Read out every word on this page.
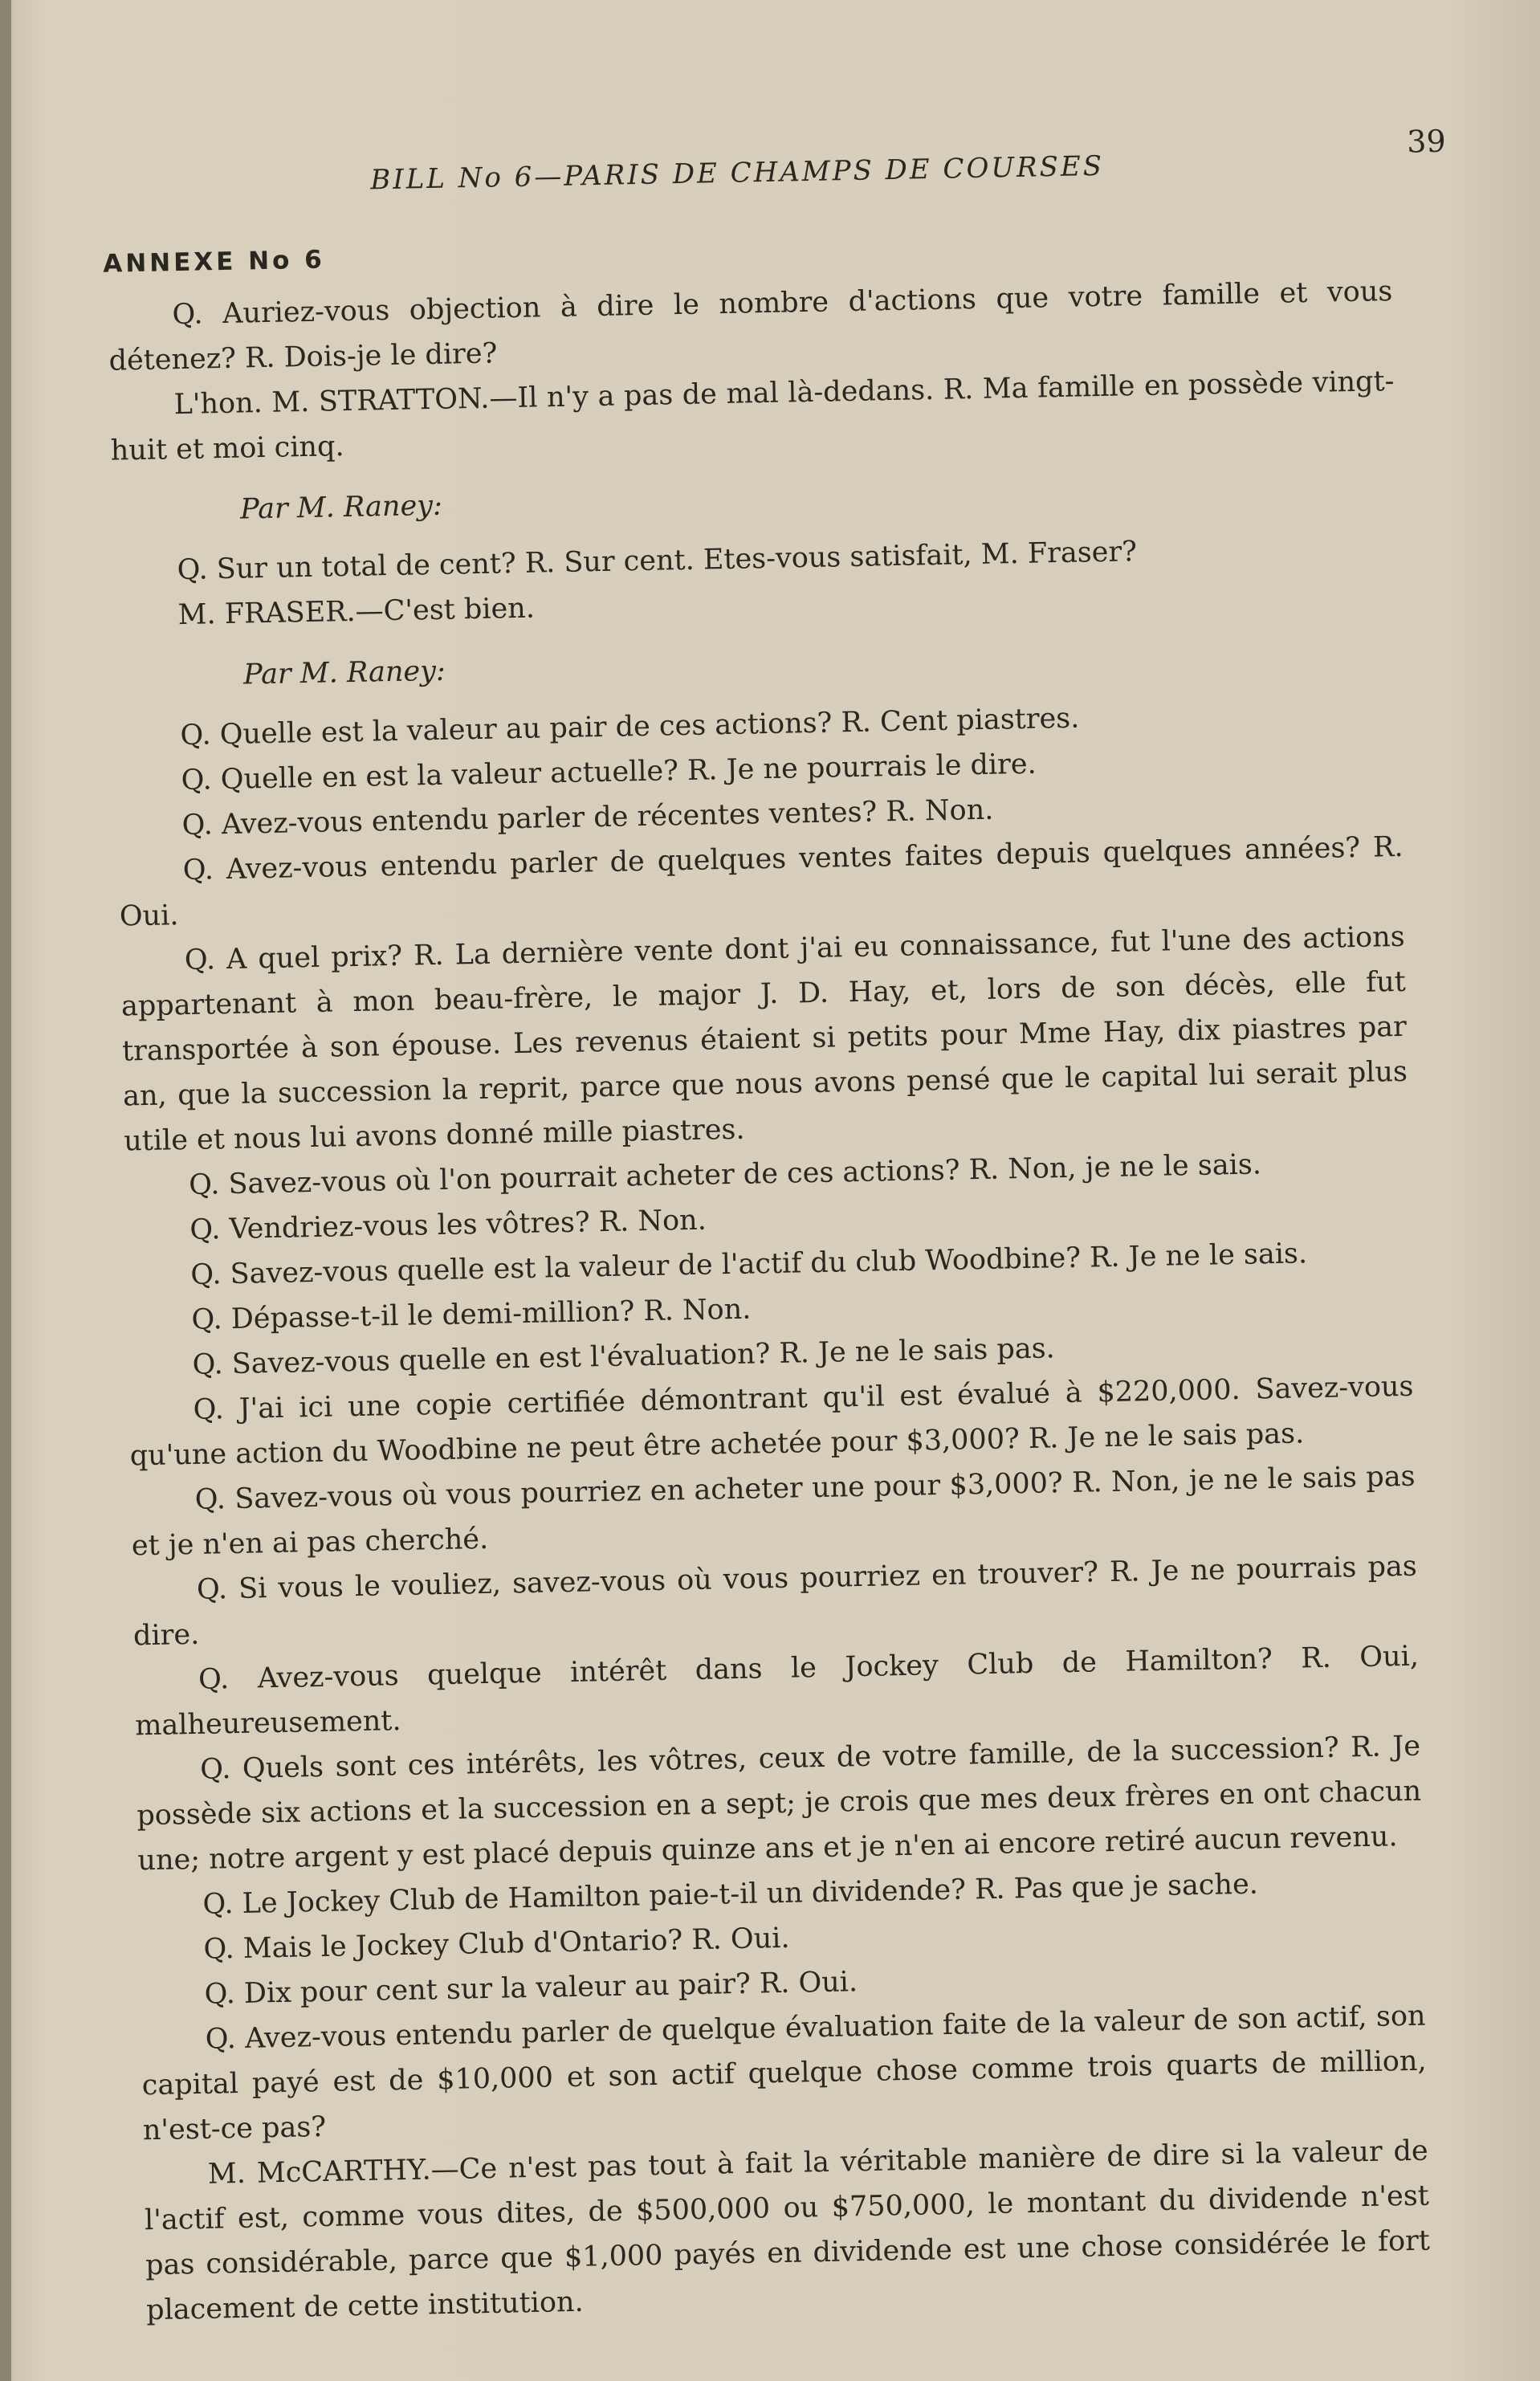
BILL No 6—PARIS DE CHAMPS DE COURSES
39
ANNEXE No 6

Q. Auriez-vous objection à dire le nombre d'actions que votre famille et vous détenez? R. Dois-je le dire?

L'hon. M. STRATTON.—Il n'y a pas de mal là-dedans. R. Ma famille en possède vingt-huit et moi cinq.

Par M. Raney:

Q. Sur un total de cent? R. Sur cent. Etes-vous satisfait, M. Fraser?

M. FRASER.—C'est bien.

Par M. Raney:

Q. Quelle est la valeur au pair de ces actions? R. Cent piastres.

Q. Quelle en est la valeur actuelle? R. Je ne pourrais le dire.

Q. Avez-vous entendu parler de récentes ventes? R. Non.

Q. Avez-vous entendu parler de quelques ventes faites depuis quelques années? R. Oui.

Q. A quel prix? R. La dernière vente dont j'ai eu connaissance, fut l'une des actions appartenant à mon beau-frère, le major J. D. Hay, et, lors de son décès, elle fut transportée à son épouse. Les revenus étaient si petits pour Mme Hay, dix piastres par an, que la succession la reprit, parce que nous avons pensé que le capital lui serait plus utile et nous lui avons donné mille piastres.

Q. Savez-vous où l'on pourrait acheter de ces actions? R. Non, je ne le sais.

Q. Vendriez-vous les vôtres? R. Non.

Q. Savez-vous quelle est la valeur de l'actif du club Woodbine? R. Je ne le sais.

Q. Dépasse-t-il le demi-million? R. Non.

Q. Savez-vous quelle en est l'évaluation? R. Je ne le sais pas.

Q. J'ai ici une copie certifiée démontrant qu'il est évalué à $220,000. Savez-vous qu'une action du Woodbine ne peut être achetée pour $3,000? R. Je ne le sais pas.

Q. Savez-vous où vous pourriez en acheter une pour $3,000? R. Non, je ne le sais pas et je n'en ai pas cherché.

Q. Si vous le vouliez, savez-vous où vous pourriez en trouver? R. Je ne pourrais pas dire.

Q. Avez-vous quelque intérêt dans le Jockey Club de Hamilton? R. Oui, malheureusement.

Q. Quels sont ces intérêts, les vôtres, ceux de votre famille, de la succession? R. Je possède six actions et la succession en a sept; je crois que mes deux frères en ont chacun une; notre argent y est placé depuis quinze ans et je n'en ai encore retiré aucun revenu.

Q. Le Jockey Club de Hamilton paie-t-il un dividende? R. Pas que je sache.

Q. Mais le Jockey Club d'Ontario? R. Oui.

Q. Dix pour cent sur la valeur au pair? R. Oui.

Q. Avez-vous entendu parler de quelque évaluation faite de la valeur de son actif, son capital payé est de $10,000 et son actif quelque chose comme trois quarts de million, n'est-ce pas?

M. McCARTHY.—Ce n'est pas tout à fait la véritable manière de dire si la valeur de l'actif est, comme vous dites, de $500,000 ou $750,000, le montant du dividende n'est pas considérable, parce que $1,000 payés en dividende est une chose considérée le fort placement de cette institution.
